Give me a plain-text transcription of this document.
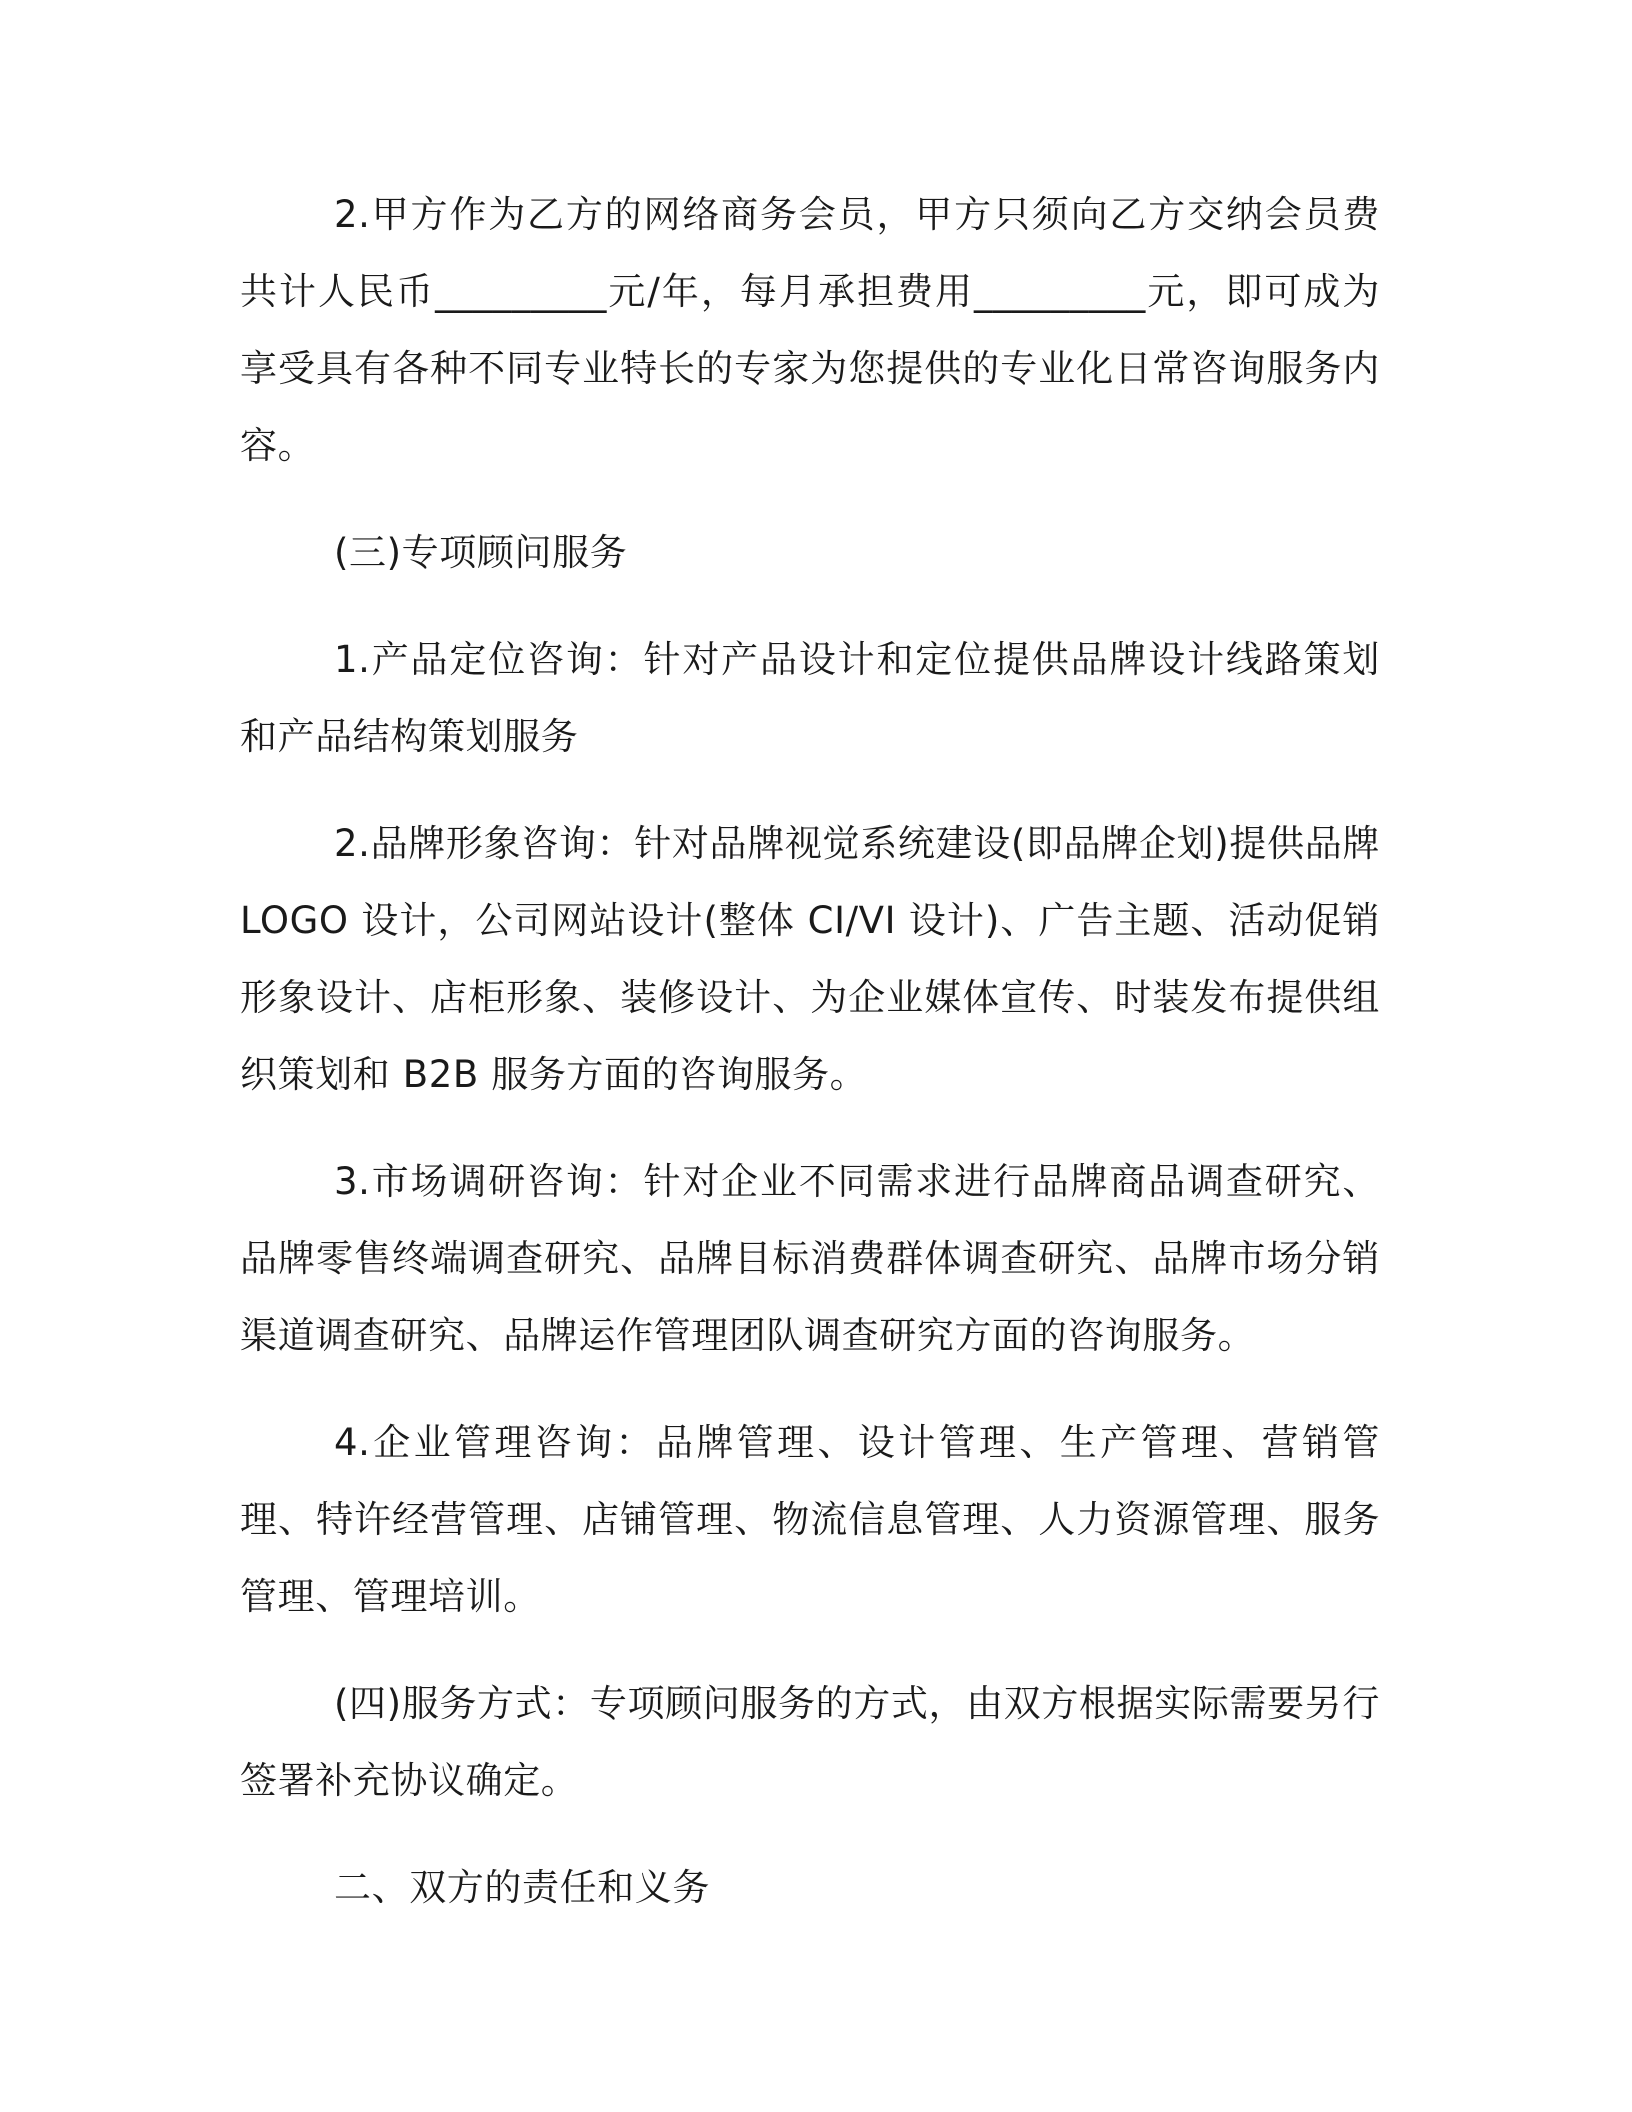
2.甲方作为乙方的网络商务会员，甲方只须向乙方交纳会员费共计人民币_________元/年，每月承担费用_________元，即可成为享受具有各种不同专业特长的专家为您提供的专业化日常咨询服务内容。

(三)专项顾问服务

1.产品定位咨询：针对产品设计和定位提供品牌设计线路策划和产品结构策划服务

2.品牌形象咨询：针对品牌视觉系统建设(即品牌企划)提供品牌LOGO 设计，公司网站设计(整体 CI/VI 设计)、广告主题、活动促销形象设计、店柜形象、装修设计、为企业媒体宣传、时装发布提供组织策划和 B2B 服务方面的咨询服务。

3.市场调研咨询：针对企业不同需求进行品牌商品调查研究、品牌零售终端调查研究、品牌目标消费群体调查研究、品牌市场分销渠道调查研究、品牌运作管理团队调查研究方面的咨询服务。

4.企业管理咨询：品牌管理、设计管理、生产管理、营销管理、特许经营管理、店铺管理、物流信息管理、人力资源管理、服务管理、管理培训。

(四)服务方式：专项顾问服务的方式，由双方根据实际需要另行签署补充协议确定。

二、双方的责任和义务
